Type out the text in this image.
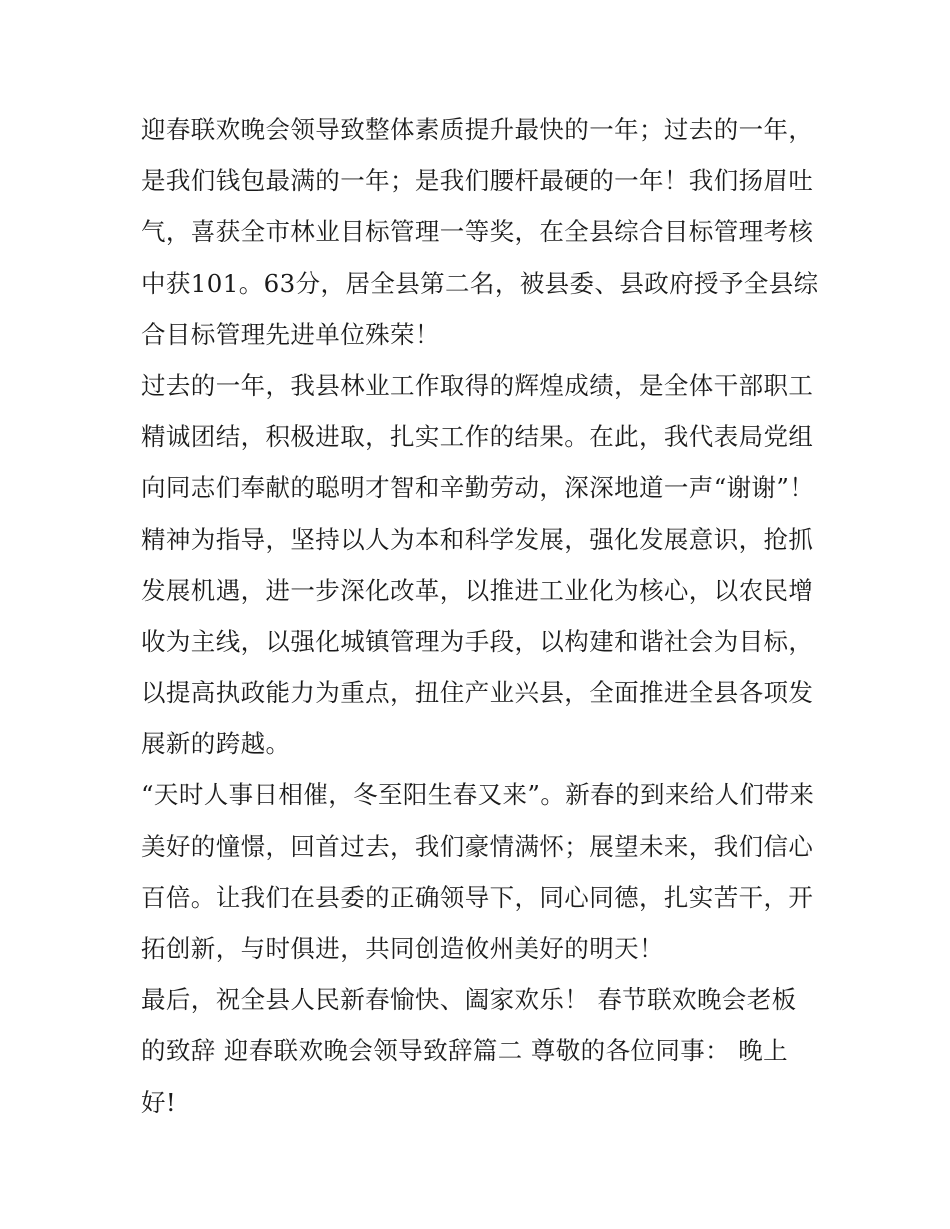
迎春联欢晚会领导致整体素质提升最快的一年；过去的一年，
是我们钱包最满的一年；是我们腰杆最硬的一年！我们扬眉吐
气，喜获全市林业目标管理一等奖，在全县综合目标管理考核
中获101。63分，居全县第二名，被县委、县政府授予全县综
合目标管理先进单位殊荣！
过去的一年，我县林业工作取得的辉煌成绩，是全体干部职工
精诚团结，积极进取，扎实工作的结果。在此，我代表局党组
向同志们奉献的聪明才智和辛勤劳动，深深地道一声“谢谢”！
精神为指导，坚持以人为本和科学发展，强化发展意识，抢抓
发展机遇，进一步深化改革，以推进工业化为核心，以农民增
收为主线，以强化城镇管理为手段，以构建和谐社会为目标，
以提高执政能力为重点，扭住产业兴县，全面推进全县各项发
展新的跨越。
“天时人事日相催，冬至阳生春又来”。新春的到来给人们带来
美好的憧憬，回首过去，我们豪情满怀；展望未来，我们信心
百倍。让我们在县委的正确领导下，同心同德，扎实苦干，开
拓创新，与时俱进，共同创造攸州美好的明天！
最后，祝全县人民新春愉快、阖家欢乐！ 春节联欢晚会老板
的致辞 迎春联欢晚会领导致辞篇二 尊敬的各位同事： 晚上
好!
